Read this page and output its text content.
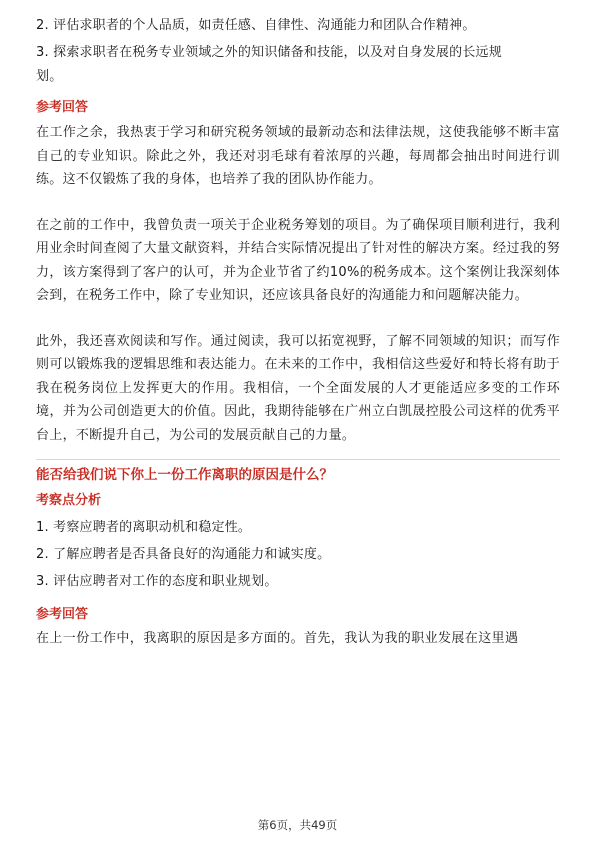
2. 评估求职者的个人品质，如责任感、自律性、沟通能力和团队合作精神。

3. 探索求职者在税务专业领域之外的知识储备和技能，以及对自身发展的长远规

划。

参考回答

在工作之余，我热衷于学习和研究税务领域的最新动态和法律法规，这使我能够不断丰富自己的专业知识。除此之外，我还对羽毛球有着浓厚的兴趣，每周都会抽出时间进行训练。这不仅锻炼了我的身体，也培养了我的团队协作能力。

在之前的工作中，我曾负责一项关于企业税务筹划的项目。为了确保项目顺利进行，我利用业余时间查阅了大量文献资料，并结合实际情况提出了针对性的解决方案。经过我的努力，该方案得到了客户的认可，并为企业节省了约10%的税务成本。这个案例让我深刻体会到，在税务工作中，除了专业知识，还应该具备良好的沟通能力和问题解决能力。

此外，我还喜欢阅读和写作。通过阅读，我可以拓宽视野，了解不同领域的知识；而写作则可以锻炼我的逻辑思维和表达能力。在未来的工作中，我相信这些爱好和特长将有助于我在税务岗位上发挥更大的作用。我相信，一个全面发展的人才更能适应多变的工作环境，并为公司创造更大的价值。因此，我期待能够在广州立白凯晟控股公司这样的优秀平台上，不断提升自己，为公司的发展贡献自己的力量。

能否给我们说下你上一份工作离职的原因是什么？

考察点分析

1. 考察应聘者的离职动机和稳定性。

2. 了解应聘者是否具备良好的沟通能力和诚实度。

3. 评估应聘者对工作的态度和职业规划。

参考回答

在上一份工作中，我离职的原因是多方面的。首先，我认为我的职业发展在这里遇

第6页，共49页
